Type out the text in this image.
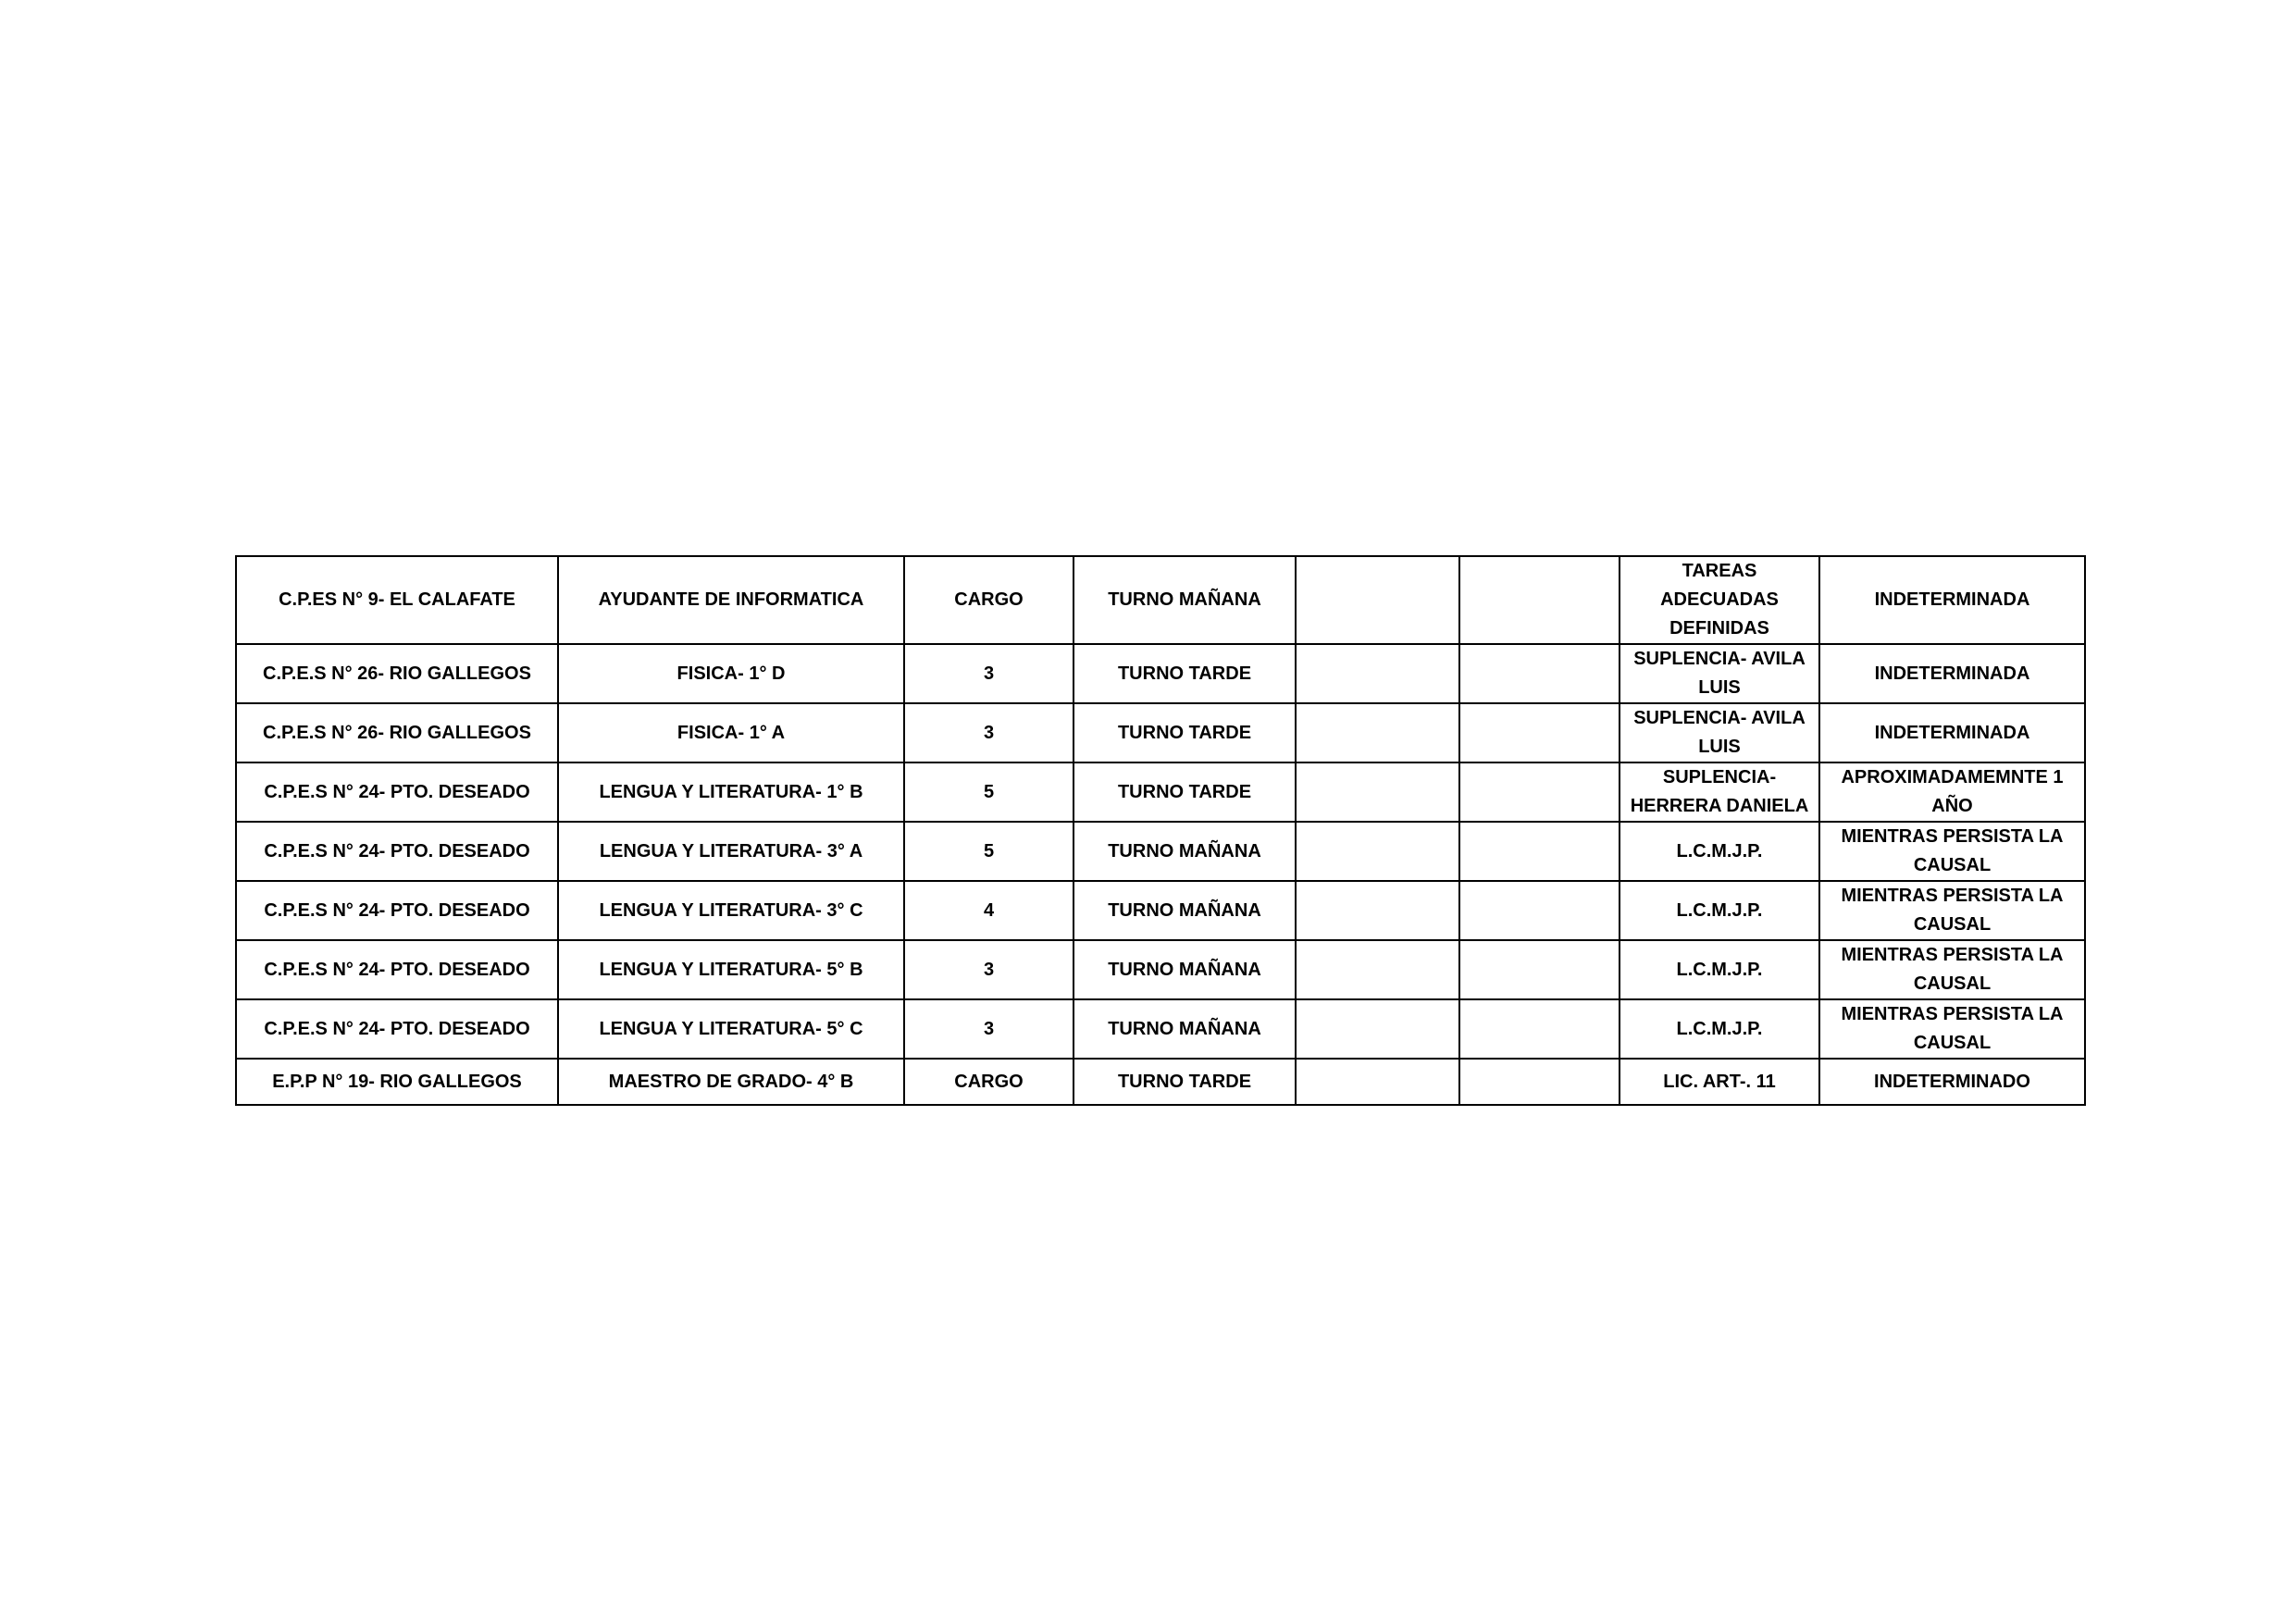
C.P.ES N° 9- EL CALAFATE	AYUDANTE DE INFORMATICA	CARGO	TURNO MAÑANA			TAREAS ADECUADAS DEFINIDAS	INDETERMINADA
C.P.E.S N° 26- RIO GALLEGOS	FISICA- 1° D	3	TURNO TARDE			SUPLENCIA- AVILA LUIS	INDETERMINADA
C.P.E.S N° 26- RIO GALLEGOS	FISICA- 1° A	3	TURNO TARDE			SUPLENCIA- AVILA LUIS	INDETERMINADA
C.P.E.S N° 24- PTO. DESEADO	LENGUA Y LITERATURA- 1° B	5	TURNO TARDE			SUPLENCIA- HERRERA DANIELA	APROXIMADAMEMNTE 1 AÑO
C.P.E.S N° 24- PTO. DESEADO	LENGUA Y LITERATURA- 3° A	5	TURNO MAÑANA			L.C.M.J.P.	MIENTRAS PERSISTA LA CAUSAL
C.P.E.S N° 24- PTO. DESEADO	LENGUA Y LITERATURA- 3° C	4	TURNO MAÑANA			L.C.M.J.P.	MIENTRAS PERSISTA LA CAUSAL
C.P.E.S N° 24- PTO. DESEADO	LENGUA Y LITERATURA- 5° B	3	TURNO MAÑANA			L.C.M.J.P.	MIENTRAS PERSISTA LA CAUSAL
C.P.E.S N° 24- PTO. DESEADO	LENGUA Y LITERATURA- 5° C	3	TURNO MAÑANA			L.C.M.J.P.	MIENTRAS PERSISTA LA CAUSAL
E.P.P N° 19- RIO GALLEGOS	MAESTRO DE GRADO- 4° B	CARGO	TURNO TARDE			LIC. ART-. 11	INDETERMINADO
